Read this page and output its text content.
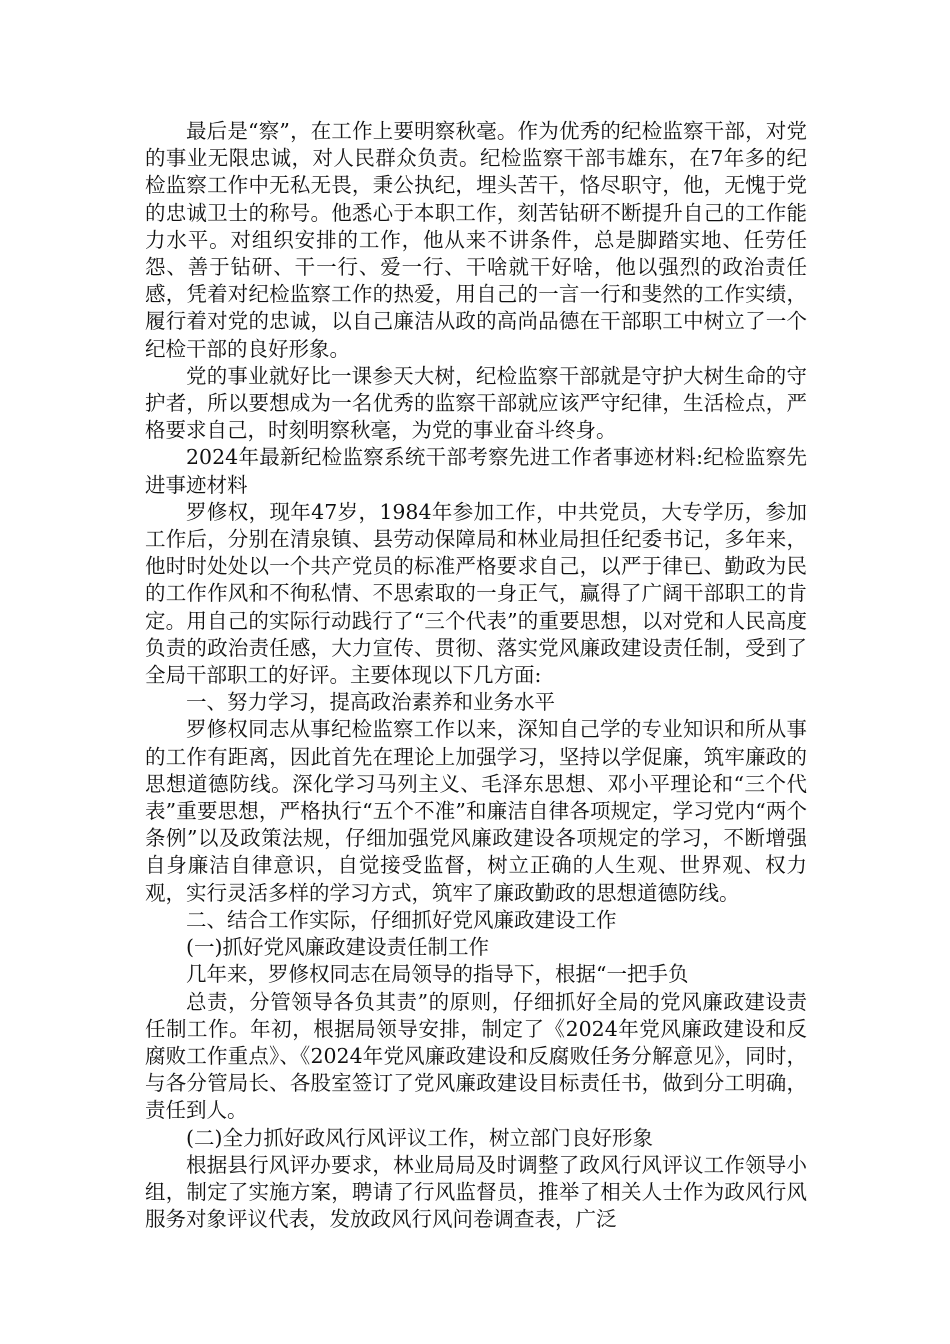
最后是“察”，在工作上要明察秋毫。作为优秀的纪检监察干部，对党的事业无限忠诚，对人民群众负责。纪检监察干部韦雄东，在7年多的纪检监察工作中无私无畏，秉公执纪，埋头苦干，恪尽职守，他，无愧于党的忠诚卫士的称号。他悉心于本职工作，刻苦钻研不断提升自己的工作能力水平。对组织安排的工作，他从来不讲条件，总是脚踏实地、任劳任怨、善于钻研、干一行、爱一行、干啥就干好啥，他以强烈的政治责任感，凭着对纪检监察工作的热爱，用自己的一言一行和斐然的工作实绩，履行着对党的忠诚，以自己廉洁从政的高尚品德在干部职工中树立了一个纪检干部的良好形象。

党的事业就好比一课参天大树，纪检监察干部就是守护大树生命的守护者，所以要想成为一名优秀的监察干部就应该严守纪律，生活检点，严格要求自己，时刻明察秋毫，为党的事业奋斗终身。

2024年最新纪检监察系统干部考察先进工作者事迹材料:纪检监察先进事迹材料

罗修权，现年47岁，1984年参加工作，中共党员，大专学历，参加工作后，分别在清泉镇、县劳动保障局和林业局担任纪委书记，多年来，他时时处处以一个共产党员的标准严格要求自己，以严于律已、勤政为民的工作作风和不徇私情、不思索取的一身正气，赢得了广阔干部职工的肯定。用自己的实际行动践行了“三个代表”的重要思想，以对党和人民高度负责的政治责任感，大力宣传、贯彻、落实党风廉政建设责任制，受到了全局干部职工的好评。主要体现以下几方面:

一、努力学习，提高政治素养和业务水平

罗修权同志从事纪检监察工作以来，深知自己学的专业知识和所从事的工作有距离，因此首先在理论上加强学习，坚持以学促廉，筑牢廉政的思想道德防线。深化学习马列主义、毛泽东思想、邓小平理论和“三个代表”重要思想，严格执行“五个不准”和廉洁自律各项规定，学习党内“两个条例”以及政策法规，仔细加强党风廉政建设各项规定的学习，不断增强自身廉洁自律意识，自觉接受监督，树立正确的人生观、世界观、权力观，实行灵活多样的学习方式，筑牢了廉政勤政的思想道德防线。

二、结合工作实际，仔细抓好党风廉政建设工作

(一)抓好党风廉政建设责任制工作

几年来，罗修权同志在局领导的指导下，根据“一把手负

总责，分管领导各负其责”的原则，仔细抓好全局的党风廉政建设责任制工作。年初，根据局领导安排，制定了《2024年党风廉政建设和反腐败工作重点》、《2024年党风廉政建设和反腐败任务分解意见》，同时，与各分管局长、各股室签订了党风廉政建设目标责任书，做到分工明确，责任到人。

(二)全力抓好政风行风评议工作，树立部门良好形象

根据县行风评办要求，林业局局及时调整了政风行风评议工作领导小组，制定了实施方案，聘请了行风监督员，推举了相关人士作为政风行风服务对象评议代表，发放政风行风问卷调查表，广泛
